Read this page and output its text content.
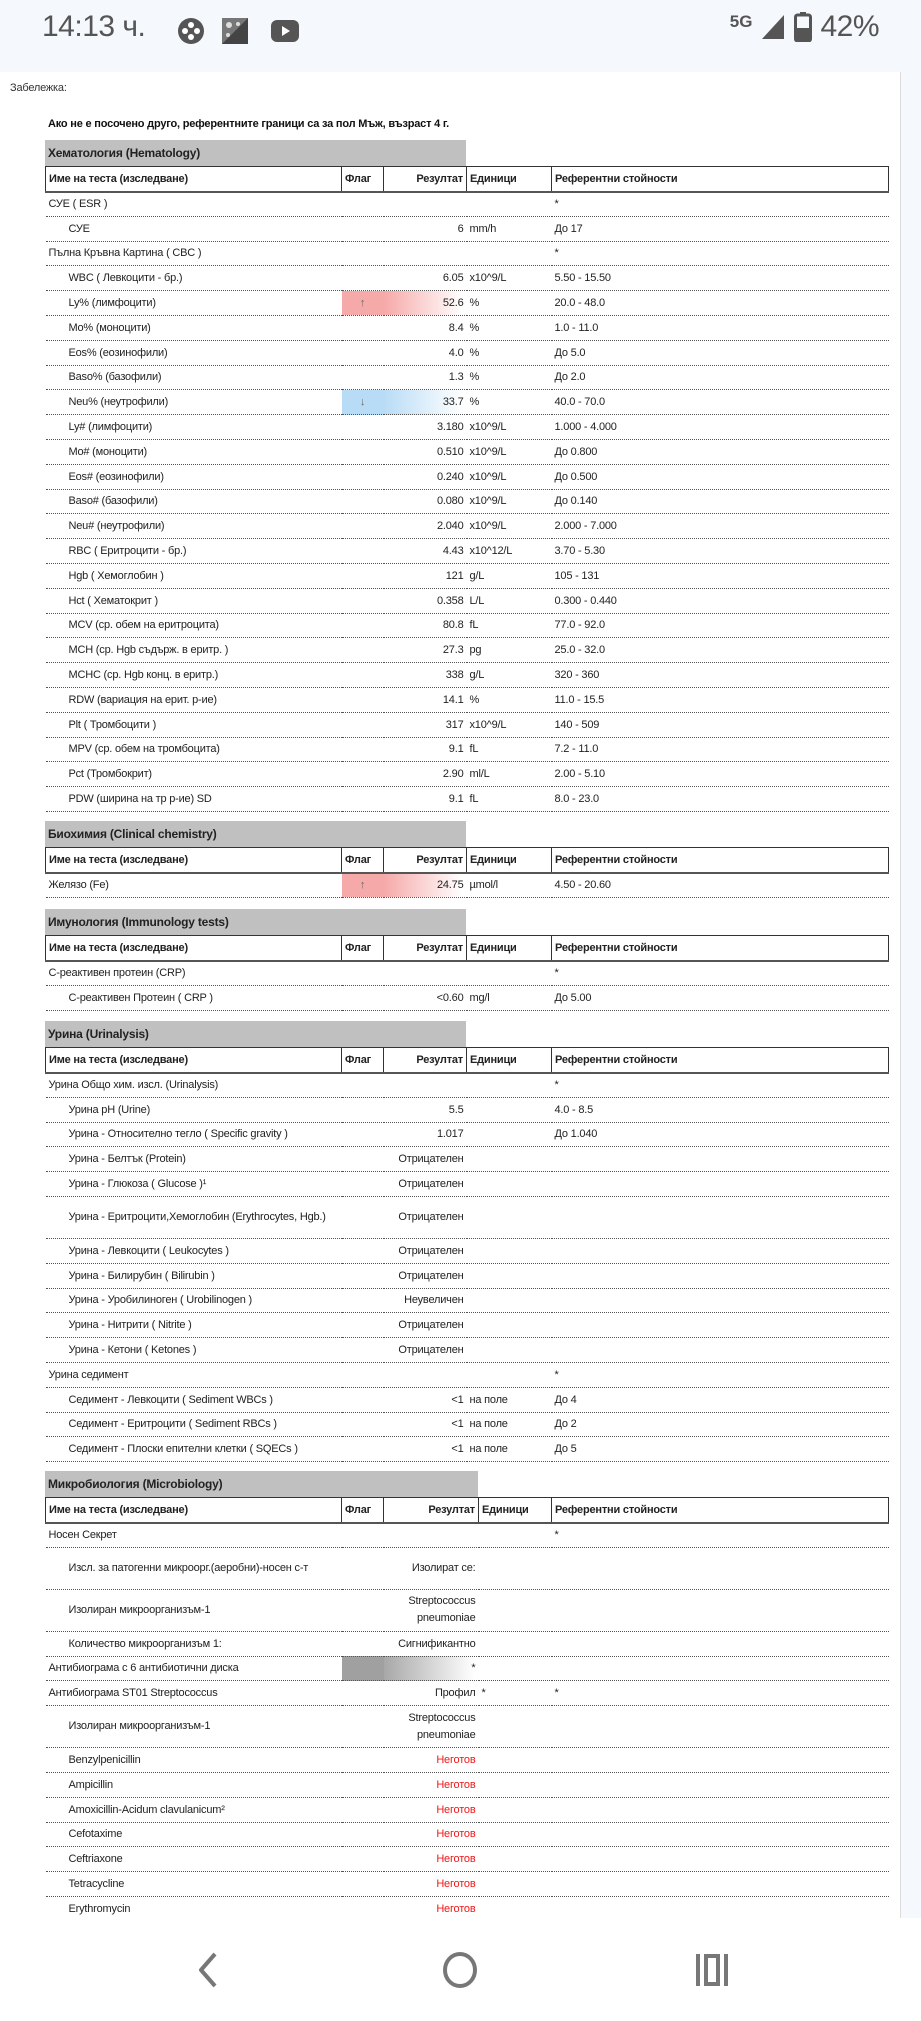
14:13 ч.	5G 42%
Забележка:
Ако не е посочено друго, референтните граници са за пол Мъж, възраст 4 г.
Хематология (Hematology)
Име на теста (изследване)	Флаг	Резултат	Единици	Референтни стойности
СУЕ ( ESR )				*
СУЕ		6	mm/h	До 17
Пълна Кръвна Картина ( CBC )				*
WBC ( Левкоцити - бр.)		6.05	x10^9/L	5.50 - 15.50
Ly% (лимфоцити)	↑	52.6	%	20.0 - 48.0
Mo% (моноцити)		8.4	%	1.0 - 11.0
Eos% (еозинофили)		4.0	%	До 5.0
Baso% (базофили)		1.3	%	До 2.0
Neu% (неутрофили)	↓	33.7	%	40.0 - 70.0
Ly# (лимфоцити)		3.180	x10^9/L	1.000 - 4.000
Mo# (моноцити)		0.510	x10^9/L	До 0.800
Eos# (еозинофили)		0.240	x10^9/L	До 0.500
Baso# (базофили)		0.080	x10^9/L	До 0.140
Neu# (неутрофили)		2.040	x10^9/L	2.000 - 7.000
RBC ( Еритроцити - бр.)		4.43	x10^12/L	3.70 - 5.30
Hgb ( Хемоглобин )		121	g/L	105 - 131
Hct ( Хематокрит )		0.358	L/L	0.300 - 0.440
MCV (ср. обем на еритроцита)		80.8	fL	77.0 - 92.0
MCH (ср. Hgb съдърж. в еритр. )		27.3	pg	25.0 - 32.0
MCHC (ср. Hgb конц. в еритр.)		338	g/L	320 - 360
RDW (вариация на ерит. р-ие)		14.1	%	11.0 - 15.5
Plt ( Тромбоцити )		317	x10^9/L	140 - 509
MPV (ср. обем на тромбоцита)		9.1	fL	7.2 - 11.0
Pct (Тромбокрит)		2.90	ml/L	2.00 - 5.10
PDW (ширина на тр р-ие) SD		9.1	fL	8.0 - 23.0
Биохимия (Clinical chemistry)
Име на теста (изследване)	Флаг	Резултат	Единици	Референтни стойности
Желязо (Fe)	↑	24.75	µmol/l	4.50 - 20.60
Имунология (Immunology tests)
Име на теста (изследване)	Флаг	Резултат	Единици	Референтни стойности
С-реактивен протеин (CRP)				*
С-реактивен Протеин ( CRP )		<0.60	mg/l	До 5.00
Урина (Urinalysis)
Име на теста (изследване)	Флаг	Резултат	Единици	Референтни стойности
Урина Общо хим. изсл. (Urinalysis)				*
Урина pH (Urine)		5.5		4.0 - 8.5
Урина - Относително тегло ( Specific gravity )		1.017		До 1.040
Урина - Белтък (Protein)		Отрицателен		
Урина - Глюкоза ( Glucose )¹		Отрицателен		
Урина - Еритроцити,Хемоглобин (Erythrocytes, Hgb.)		Отрицателен		
Урина - Левкоцити ( Leukocytes )		Отрицателен		
Урина - Билирубин ( Bilirubin )		Отрицателен		
Урина - Уробилиноген ( Urobilinogen )		Неувеличен		
Урина - Нитрити ( Nitrite )		Отрицателен		
Урина - Кетони ( Ketones )		Отрицателен		
Урина седимент				*
Седимент - Левкоцити ( Sediment WBCs )		<1	на поле	До 4
Седимент - Еритроцити ( Sediment RBCs )		<1	на поле	До 2
Седимент - Плоски епителни клетки ( SQECs )		<1	на поле	До 5
Микробиология (Microbiology)
Име на теста (изследване)	Флаг	Резултат	Единици	Референтни стойности
Носен Секрет				*
Изсл. за патогенни микроорг.(аеробни)-носен с-т		Изолират се:		
Изолиран микроорганизъм-1		Streptococcus pneumoniae		
Количество микроорганизъм 1:		Сигнификантно		
Антибиограма с 6 антибиотични диска		*		
Антибиограма ST01 Streptococcus		Профил	*	*
Изолиран микроорганизъм-1		Streptococcus pneumoniae		
Benzylpenicillin		Неготов		
Ampicillin		Неготов		
Amoxicillin-Acidum clavulanicum²		Неготов		
Cefotaxime		Неготов		
Ceftriaxone		Неготов		
Tetracycline		Неготов		
Erythromycin		Неготов		
